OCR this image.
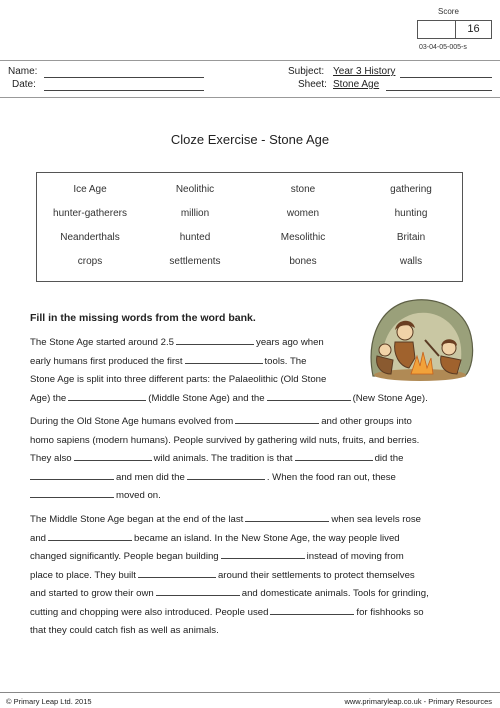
Score
16
03-04-05-005-s
Name:
Date:
Subject: Year 3 History
Sheet: Stone Age
Cloze Exercise - Stone Age
Ice Age	Neolithic	stone	gathering
hunter-gatherers	million	women	hunting
Neanderthals	hunted	Mesolithic	Britain
crops	settlements	bones	walls
Fill in the missing words from the word bank.
The Stone Age started around 2.5	years ago when
early humans first produced the first	tools. The
Stone Age is split into three different parts: the Palaeolithic (Old Stone
Age) the	(Middle Stone Age) and the	(New Stone Age).
During the Old Stone Age humans evolved from	and other groups into
homo sapiens (modern humans). People survived by gathering wild nuts, fruits, and berries.
They also	wild animals. The tradition is that	did the
and men did the	. When the food ran out, these
moved on.
The Middle Stone Age began at the end of the last	when sea levels rose
and	became an island. In the New Stone Age, the way people lived
changed significantly. People began building	instead of moving from
place to place. They built	around their settlements to protect themselves
and started to grow their own	and domesticate animals. Tools for grinding,
cutting and chopping were also introduced. People used	for fishhooks so
that they could catch fish as well as animals.
© Primary Leap Ltd. 2015	www.primaryleap.co.uk - Primary Resources
